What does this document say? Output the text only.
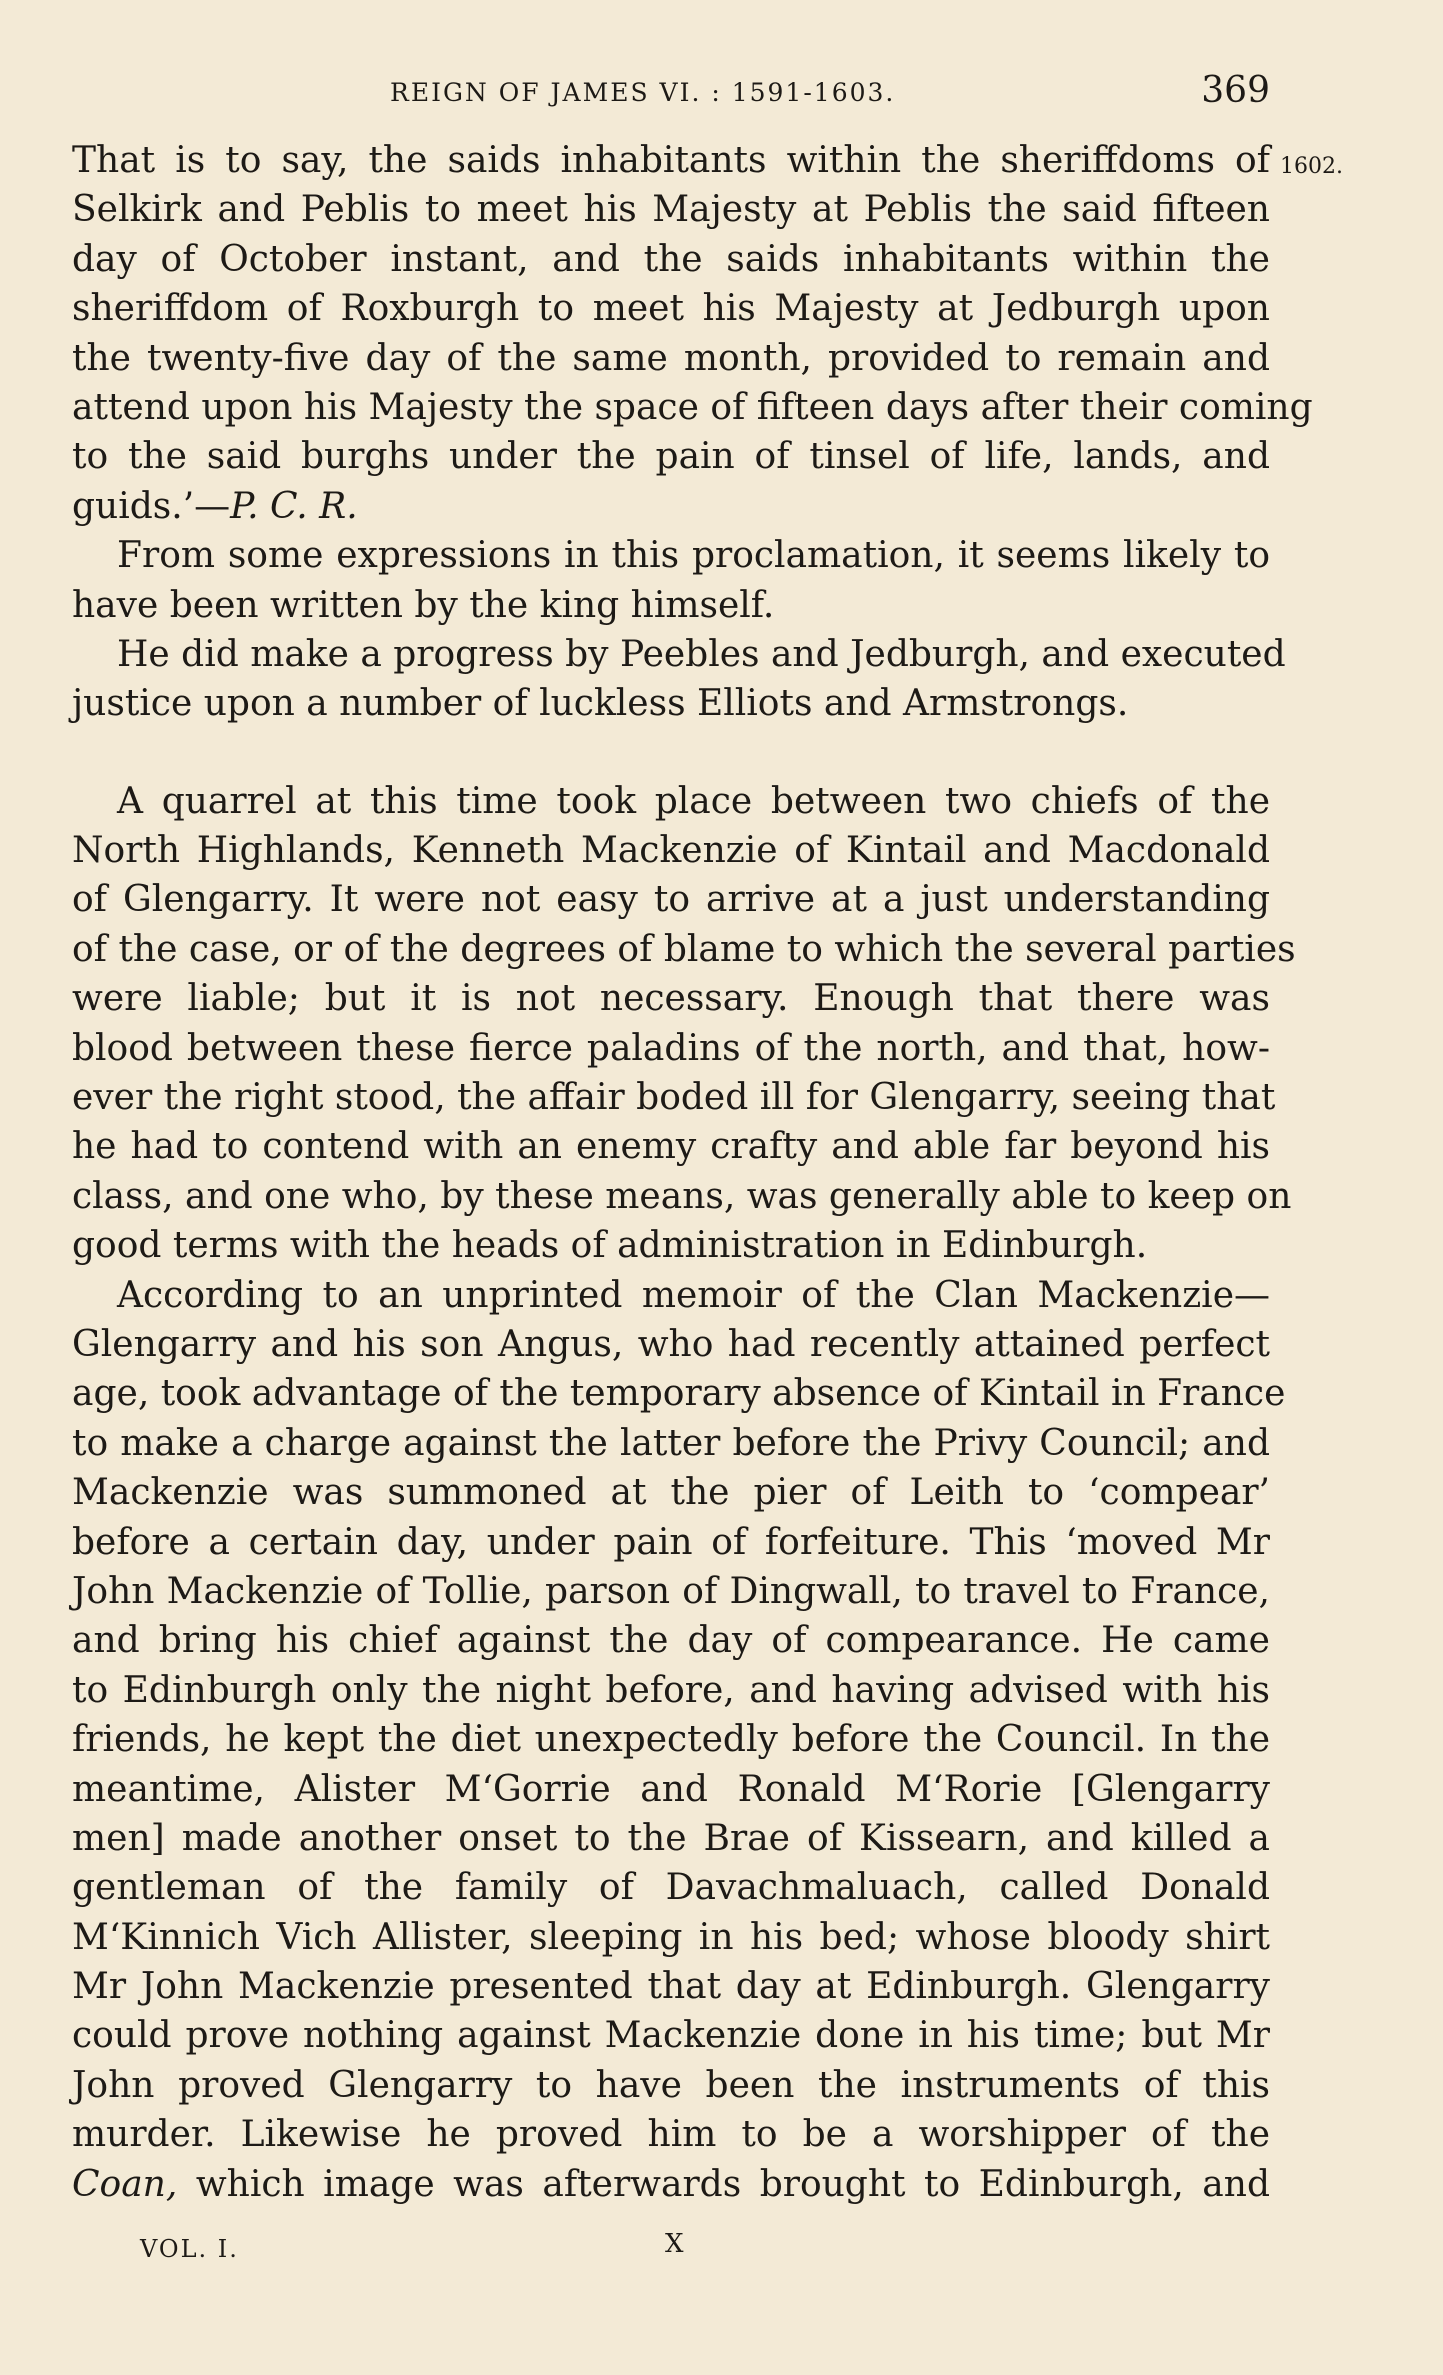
REIGN OF JAMES VI. : 1591-1603.	369
1602.
That is to say, the saids inhabitants within the sheriffdoms of
Selkirk and Peblis to meet his Majesty at Peblis the said fifteen
day of October instant, and the saids inhabitants within the
sheriffdom of Roxburgh to meet his Majesty at Jedburgh upon
the twenty-five day of the same month, provided to remain and
attend upon his Majesty the space of fifteen days after their coming
to the said burghs under the pain of tinsel of life, lands, and
guids.’—P. C. R.
From some expressions in this proclamation, it seems likely to
have been written by the king himself.
He did make a progress by Peebles and Jedburgh, and executed
justice upon a number of luckless Elliots and Armstrongs.
A quarrel at this time took place between two chiefs of the
North Highlands, Kenneth Mackenzie of Kintail and Macdonald
of Glengarry. It were not easy to arrive at a just understanding
of the case, or of the degrees of blame to which the several parties
were liable; but it is not necessary. Enough that there was
blood between these fierce paladins of the north, and that, how-
ever the right stood, the affair boded ill for Glengarry, seeing that
he had to contend with an enemy crafty and able far beyond his
class, and one who, by these means, was generally able to keep on
good terms with the heads of administration in Edinburgh.
According to an unprinted memoir of the Clan Mackenzie—
Glengarry and his son Angus, who had recently attained perfect
age, took advantage of the temporary absence of Kintail in France
to make a charge against the latter before the Privy Council; and
Mackenzie was summoned at the pier of Leith to ‘compear’
before a certain day, under pain of forfeiture. This ‘moved Mr
John Mackenzie of Tollie, parson of Dingwall, to travel to France,
and bring his chief against the day of compearance. He came
to Edinburgh only the night before, and having advised with his
friends, he kept the diet unexpectedly before the Council. In the
meantime, Alister M‘Gorrie and Ronald M‘Rorie [Glengarry
men] made another onset to the Brae of Kissearn, and killed a
gentleman of the family of Davachmaluach, called Donald
M‘Kinnich Vich Allister, sleeping in his bed; whose bloody shirt
Mr John Mackenzie presented that day at Edinburgh. Glengarry
could prove nothing against Mackenzie done in his time; but Mr
John proved Glengarry to have been the instruments of this
murder. Likewise he proved him to be a worshipper of the
Coan, which image was afterwards brought to Edinburgh, and
VOL. I.	X
